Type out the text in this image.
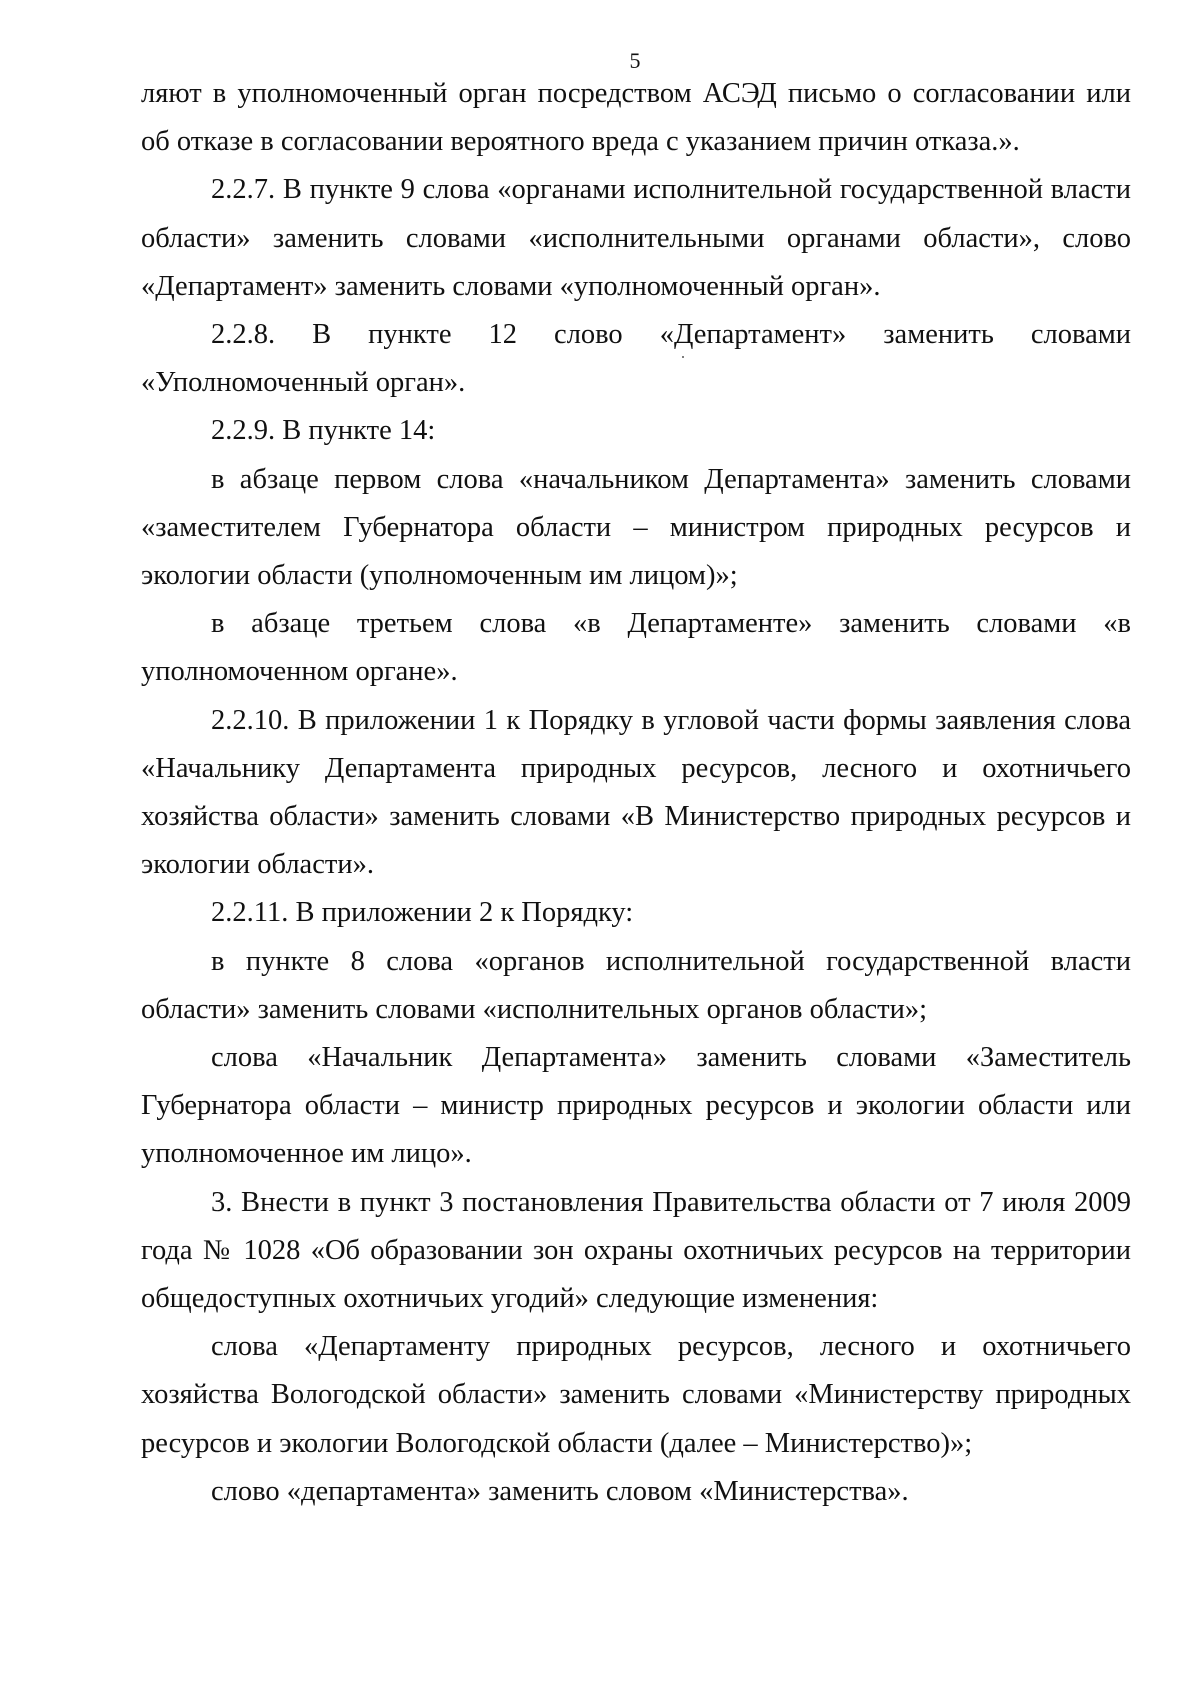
5

ляют в уполномоченный орган посредством АСЭД письмо о согласовании или об отказе в согласовании вероятного вреда с указанием причин отказа.».

2.2.7. В пункте 9 слова «органами исполнительной государственной власти области» заменить словами «исполнительными органами области», слово «Департамент» заменить словами «уполномоченный орган».

2.2.8. В пункте 12 слово «Департамент» заменить словами «Уполномоченный орган».

2.2.9. В пункте 14:

в абзаце первом слова «начальником Департамента» заменить словами «заместителем Губернатора области – министром природных ресурсов и экологии области (уполномоченным им лицом)»;

в абзаце третьем слова «в Департаменте» заменить словами «в уполномоченном органе».

2.2.10. В приложении 1 к Порядку в угловой части формы заявления слова «Начальнику Департамента природных ресурсов, лесного и охотничьего хозяйства области» заменить словами «В Министерство природных ресурсов и экологии области».

2.2.11. В приложении 2 к Порядку:

в пункте 8 слова «органов исполнительной государственной власти области» заменить словами «исполнительных органов области»;

слова «Начальник Департамента» заменить словами «Заместитель Губернатора области – министр природных ресурсов и экологии области или уполномоченное им лицо».

3. Внести в пункт 3 постановления Правительства области от 7 июля 2009 года № 1028 «Об образовании зон охраны охотничьих ресурсов на территории общедоступных охотничьих угодий» следующие изменения:

слова «Департаменту природных ресурсов, лесного и охотничьего хозяйства Вологодской области» заменить словами «Министерству природных ресурсов и экологии Вологодской области (далее – Министерство)»;

слово «департамента» заменить словом «Министерства».
